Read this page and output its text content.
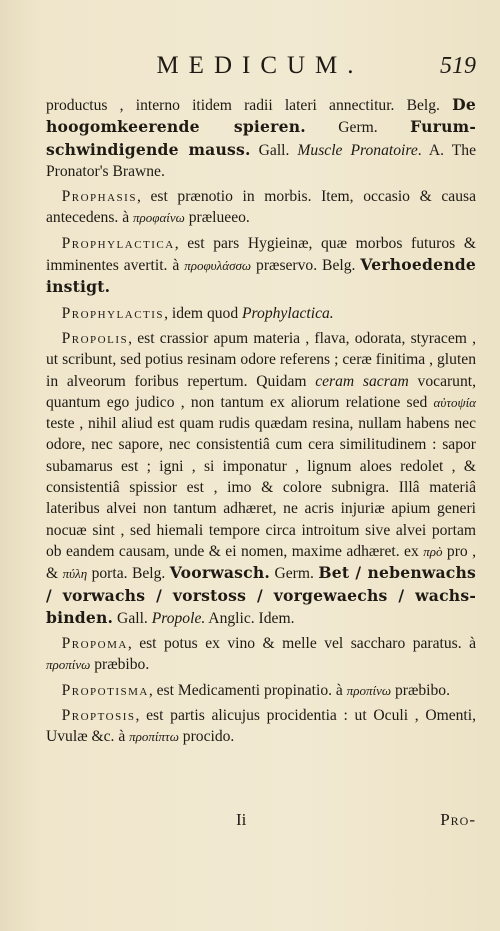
MEDICUM.	519

productus , interno itidem radii lateri annectitur. Belg. De hoogomkeerende spieren. Germ. Furum-schwindigende mauss. Gall. Muscle Pronatoire. A. The Pronator's Brawne.

 Prophasis, est prænotio in morbis. Item, occasio & causa antecedens. à προφαίνω prælueeo.

 Prophylactica, est pars Hygieinæ, quæ morbos futuros & imminentes avertit. à προφυλάσσω præservo. Belg. Verhoedende instigt.

 Prophylactis, idem quod Prophylactica.

 Propolis, est crassior apum materia , flava, odorata, styracem , ut scribunt, sed potius resinam odore referens ; ceræ finitima , gluten in alveorum foribus repertum. Quidam ceram sacram vocarunt, quantum ego judico , non tantum ex aliorum relatione sed αὐτοψία teste , nihil aliud est quam rudis quædam resina, nullam habens nec odore, nec sapore, nec consistentiâ cum cera similitudinem : sapor subamarus est ; igni , si imponatur , lignum aloes redolet , & consistentiâ spissior est , imo & colore subnigra. Illâ materiâ lateribus alvei non tantum adhæret, ne acris injuriæ apium generi nocuæ sint , sed hiemali tempore circa introitum sive alvei portam ob eandem causam, unde & ei nomen, maxime adhæret. ex πρὸ pro , & πύλη porta. Belg. Voorwasch. Germ. Bet / nebenwachs / vorwachs / vorstoss / vorgewaechs / wachs-binden. Gall. Propole. Anglic. Idem.

 Propoma, est potus ex vino & melle vel saccharo paratus. à προπίνω præbibo.

 Propotisma, est Medicamenti propinatio. à προπίνω præbibo.

 Proptosis, est partis alicujus procidentia : ut Oculi , Omenti, Uvulæ &c. à προπίπτω procido.

Ii	Pro-
